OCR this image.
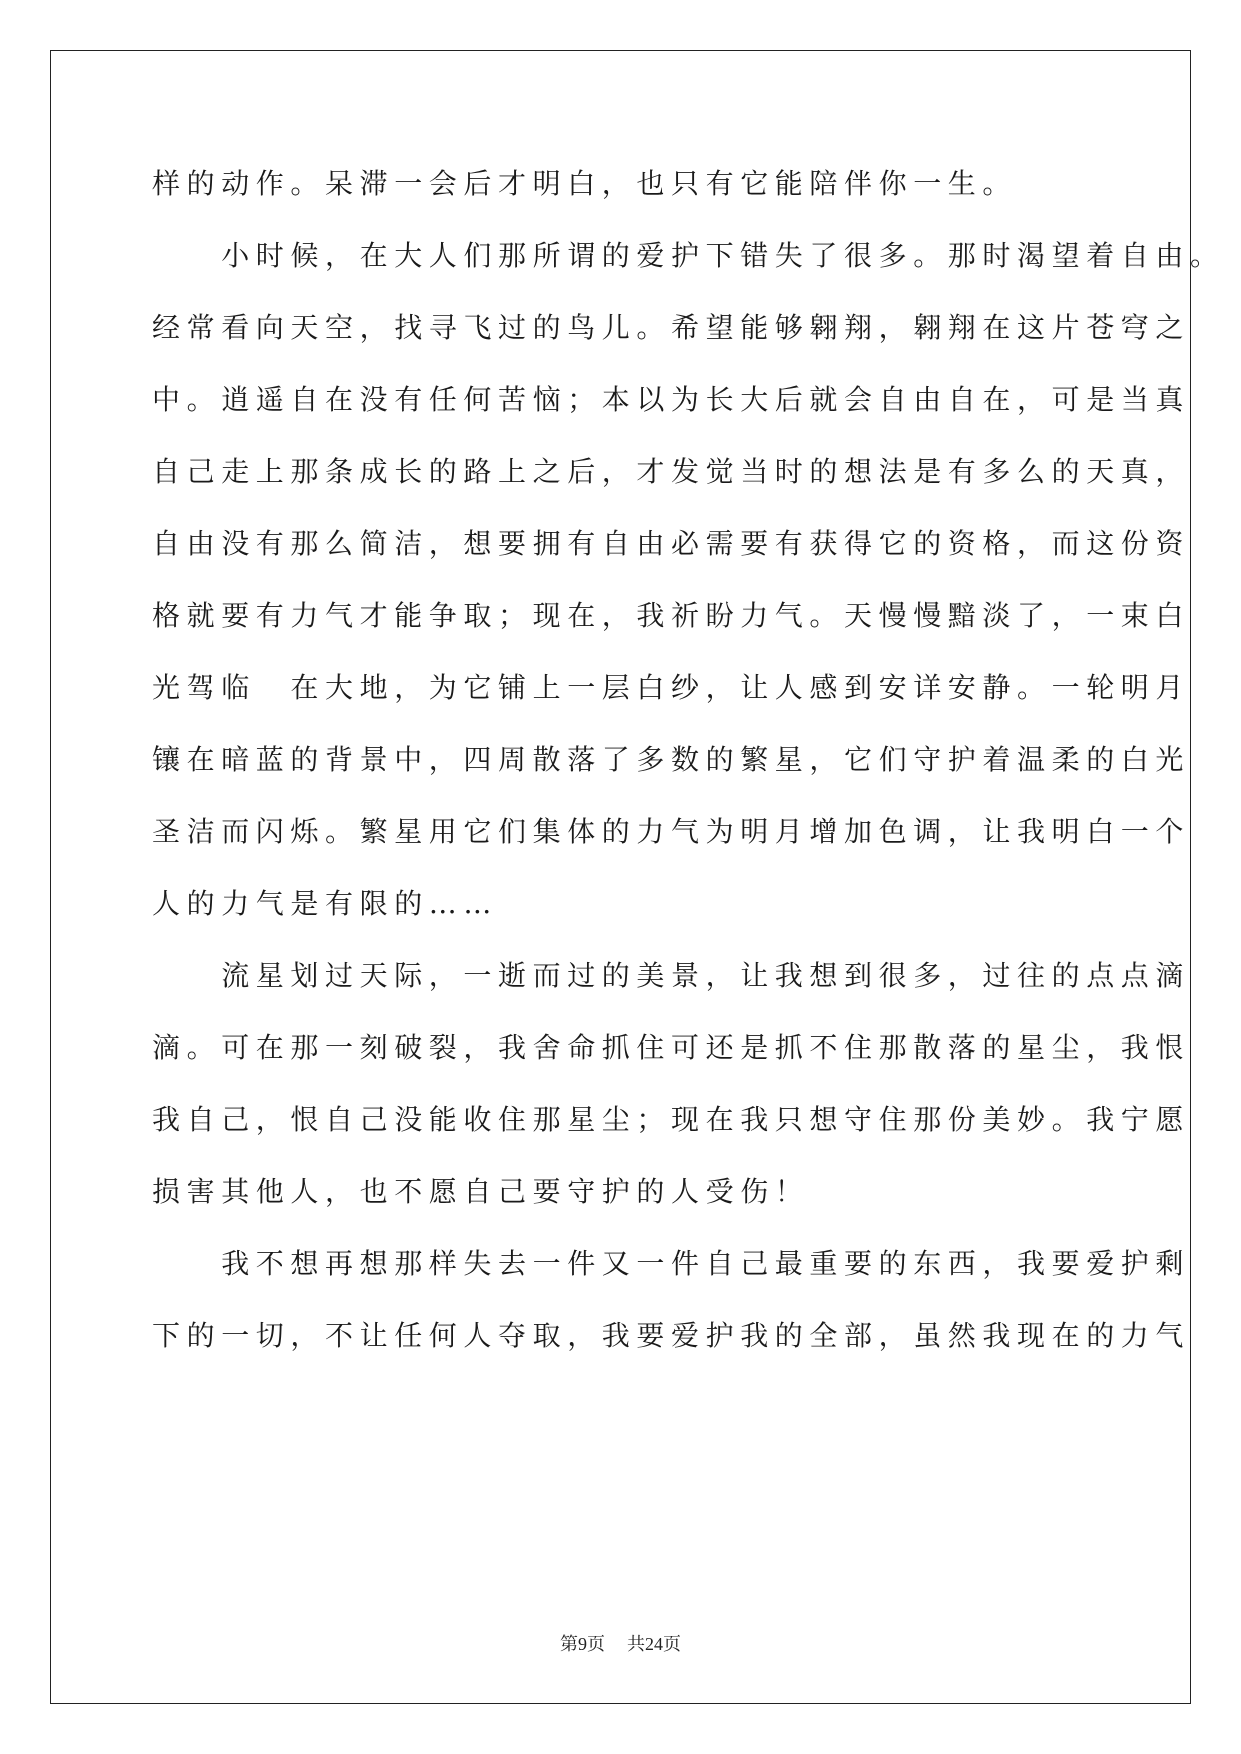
样的动作。呆滞一会后才明白，也只有它能陪伴你一生。
　　小时候，在大人们那所谓的爱护下错失了很多。那时渴望着自由。
经常看向天空，找寻飞过的鸟儿。希望能够翱翔，翱翔在这片苍穹之
中。逍遥自在没有任何苦恼；本以为长大后就会自由自在，可是当真
自己走上那条成长的路上之后，才发觉当时的想法是有多么的天真，
自由没有那么简洁，想要拥有自由必需要有获得它的资格，而这份资
格就要有力气才能争取；现在，我祈盼力气。天慢慢黯淡了，一束白
光驾临　在大地，为它铺上一层白纱，让人感到安详安静。一轮明月
镶在暗蓝的背景中，四周散落了多数的繁星，它们守护着温柔的白光
圣洁而闪烁。繁星用它们集体的力气为明月增加色调，让我明白一个
人的力气是有限的……
　　流星划过天际，一逝而过的美景，让我想到很多，过往的点点滴
滴。可在那一刻破裂，我舍命抓住可还是抓不住那散落的星尘，我恨
我自己，恨自己没能收住那星尘；现在我只想守住那份美妙。我宁愿
损害其他人，也不愿自己要守护的人受伤！
　　我不想再想那样失去一件又一件自己最重要的东西，我要爱护剩
下的一切，不让任何人夺取，我要爱护我的全部，虽然我现在的力气
第9页 共24页
